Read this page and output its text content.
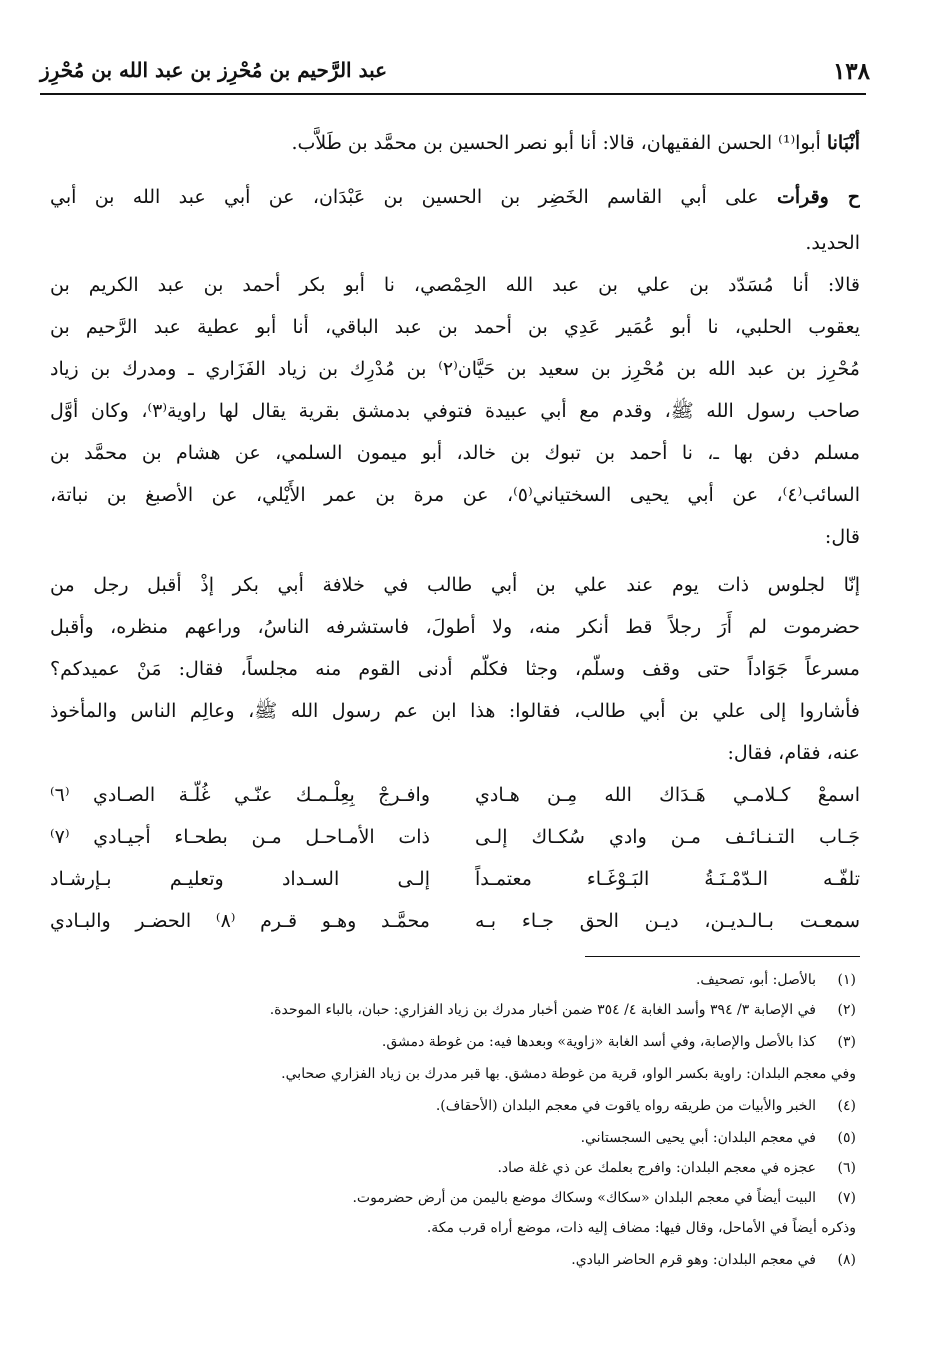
١٣٨
عبد الرَّحيم بن مُحْرِز بن عبد الله بن مُحْرِز
أنْبَانا أبوا⁽¹⁾ الحسن الفقيهان، قالا: أنا أبو نصر الحسين بن محمَّد بن طَلاَّب.
ح وقرأت على أبي القاسم الخَضِر بن الحسين بن عَبْدَان، عن أبي عبد الله بن أبي
الحديد.
قالا: أنا مُسَدّد بن علي بن عبد الله الحِمْصي، نا أبو بكر أحمد بن عبد الكريم بن
يعقوب الحلبي، نا أبو عُمَير عَدِي بن أحمد بن عبد الباقي، أنا أبو عطية عبد الرَّحيم بن
مُحْرِز بن عبد الله بن مُحْرِز بن سعيد بن حَيَّان⁽٢⁾ بن مُدْرِك بن زياد الفَزَاري ـ ومدرك بن زياد
صاحب رسول الله ﷺ، وقدم مع أبي عبيدة فتوفي بدمشق بقرية يقال لها راوية⁽٣⁾، وكان أوَّل
مسلم دفن بها ـ، نا أحمد بن تبوك بن خالد، أبو ميمون السلمي، عن هشام بن محمَّد بن
السائب⁽٤⁾، عن أبي يحيى السختياني⁽٥⁾، عن مرة بن عمر الأَيْلي، عن الأصبغ بن نباتة،
قال:
إنّا لجلوس ذات يوم عند علي بن أبي طالب في خلافة أبي بكر إذْ أقبل رجل من
حضرموت لم أَرَ رجلاً قط أنكر منه، ولا أطولَ، فاستشرفه الناسُ، وراعهم منظره، وأقبل
مسرعاً جَوَاداً حتى وقف وسلّم، وجثا فكلّم أدنى القوم منه مجلساً، فقال: مَنْ عميدكم؟
فأشاروا إلى علي بن أبي طالب، فقالوا: هذا ابن عم رسول الله ﷺ، وعالِم الناس والمأخوذ
عنه، فقام، فقال:
اسمعْ كـلامـي هَـدَاك الله مِـن هـادي
وافـرجْ بِعِلْـمـك عنّـي غُلّـة الصـادي ⁽٦⁾
جَـاب التـنـائـف مـن وادي سُكـاك إلـى
ذات الأمـاحـل مـن بطحـاء أجيـادي ⁽٧⁾
تلفّـه الـدّمْـنَـةُ البَـوْغَـاء معتمـداً
إلـى السـداد وتعليـم بـإرشـاد
سمعـت بـالـديـن، ديـن الحق جـاء بـه
محمَّـد وهـو قـرم ⁽٨⁾ الحضـر والبـادي
(١)بالأصل: أبو، تصحيف.
(٢)في الإصابة ٣/ ٣٩٤ وأسد الغابة ٤/ ٣٥٤ ضمن أخبار مدرك بن زياد الفزاري: حبان، بالباء الموحدة.
(٣)كذا بالأصل والإصابة، وفي أسد الغابة «زاوية» وبعدها فيه: من غوطة دمشق.
وفي معجم البلدان: راوية بكسر الواو، قرية من غوطة دمشق. بها قبر مدرك بن زياد الفزاري صحابي.
(٤)الخبر والأبيات من طريقه رواه ياقوت في معجم البلدان (الأحقاف).
(٥)في معجم البلدان: أبي يحيى السجستاني.
(٦)عجزه في معجم البلدان: وافرج بعلمك عن ذي غلة صاد.
(٧)البيت أيضاً في معجم البلدان «سكاك» وسكاك موضع باليمن من أرض حضرموت.
وذكره أيضاً في الأماحل، وقال فيها: مضاف إليه ذات، موضع أراه قرب مكة.
(٨)في معجم البلدان: وهو قرم الحاضر البادي.
